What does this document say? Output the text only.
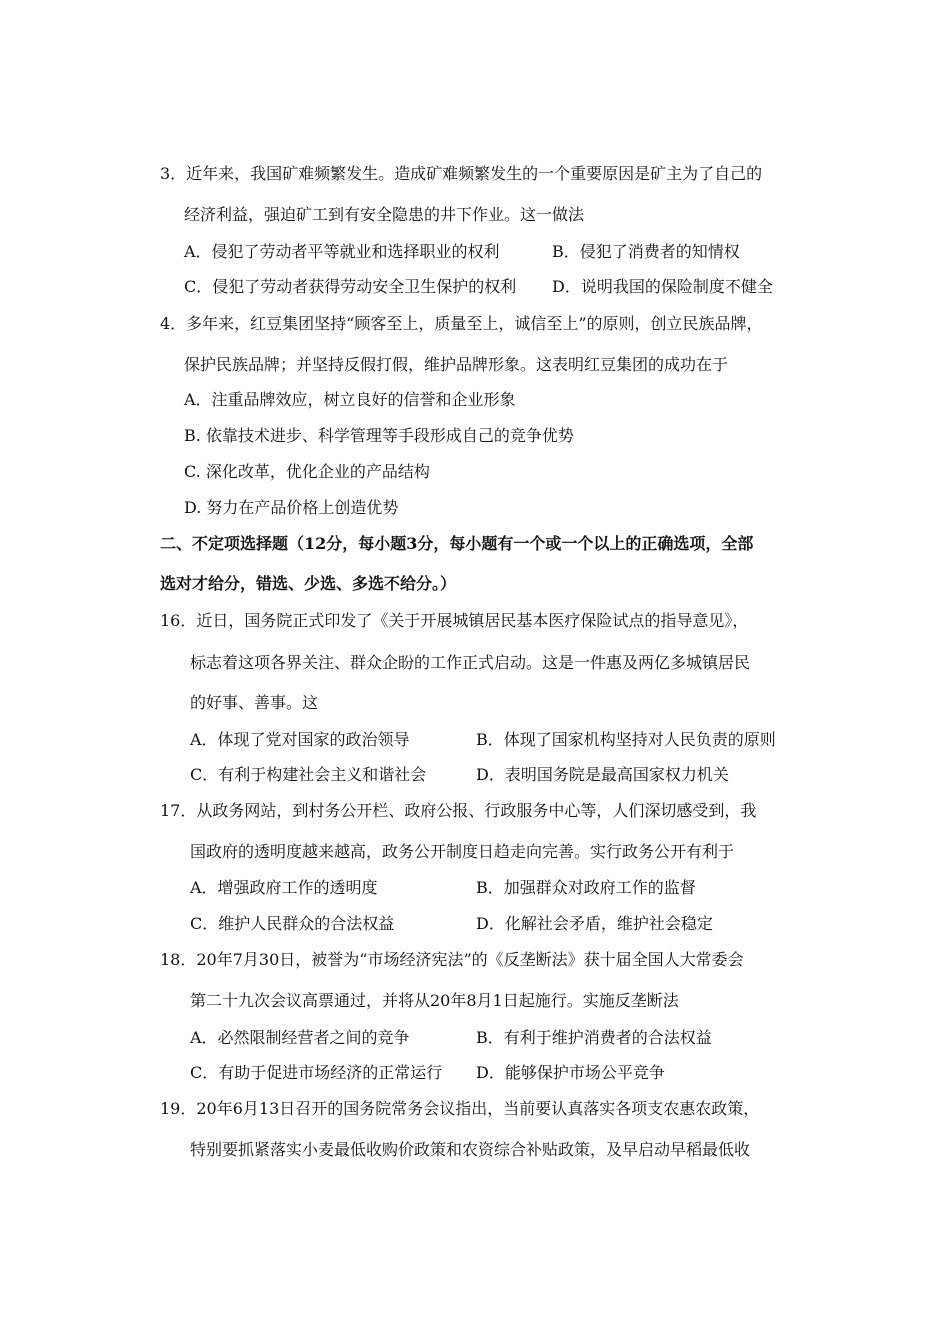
3．近年来，我国矿难频繁发生。造成矿难频繁发生的一个重要原因是矿主为了自己的
经济利益，强迫矿工到有安全隐患的井下作业。这一做法
A．侵犯了劳动者平等就业和选择职业的权利	B．侵犯了消费者的知情权
C．侵犯了劳动者获得劳动安全卫生保护的权利 D．说明我国的保险制度不健全
4．多年来，红豆集团坚持“顾客至上，质量至上，诚信至上”的原则，创立民族品牌，
保护民族品牌；并坚持反假打假，维护品牌形象。这表明红豆集团的成功在于
A．注重品牌效应，树立良好的信誉和企业形象
B. 依靠技术进步、科学管理等手段形成自己的竞争优势
C. 深化改革，优化企业的产品结构
D. 努力在产品价格上创造优势
二、不定项选择题（12分，每小题3分，每小题有一个或一个以上的正确选项，全部
选对才给分，错选、少选、多选不给分。）
16．近日，国务院正式印发了《关于开展城镇居民基本医疗保险试点的指导意见》，
标志着这项各界关注、群众企盼的工作正式启动。这是一件惠及两亿多城镇居民
的好事、善事。这
A．体现了党对国家的政治领导	B．体现了国家机构坚持对人民负责的原则
C．有利于构建社会主义和谐社会	D．表明国务院是最高国家权力机关
17．从政务网站，到村务公开栏、政府公报、行政服务中心等，人们深切感受到，我
国政府的透明度越来越高，政务公开制度日趋走向完善。实行政务公开有利于
A．增强政府工作的透明度	B．加强群众对政府工作的监督
C．维护人民群众的合法权益	D．化解社会矛盾，维护社会稳定
18．20年7月30日，被誉为“市场经济宪法”的《反垄断法》获十届全国人大常委会
第二十九次会议高票通过，并将从20年8月1日起施行。实施反垄断法
A．必然限制经营者之间的竞争	B．有利于维护消费者的合法权益
C．有助于促进市场经济的正常运行 D．能够保护市场公平竞争
19．20年6月13日召开的国务院常务会议指出，当前要认真落实各项支农惠农政策，
特别要抓紧落实小麦最低收购价政策和农资综合补贴政策，及早启动早稻最低收
